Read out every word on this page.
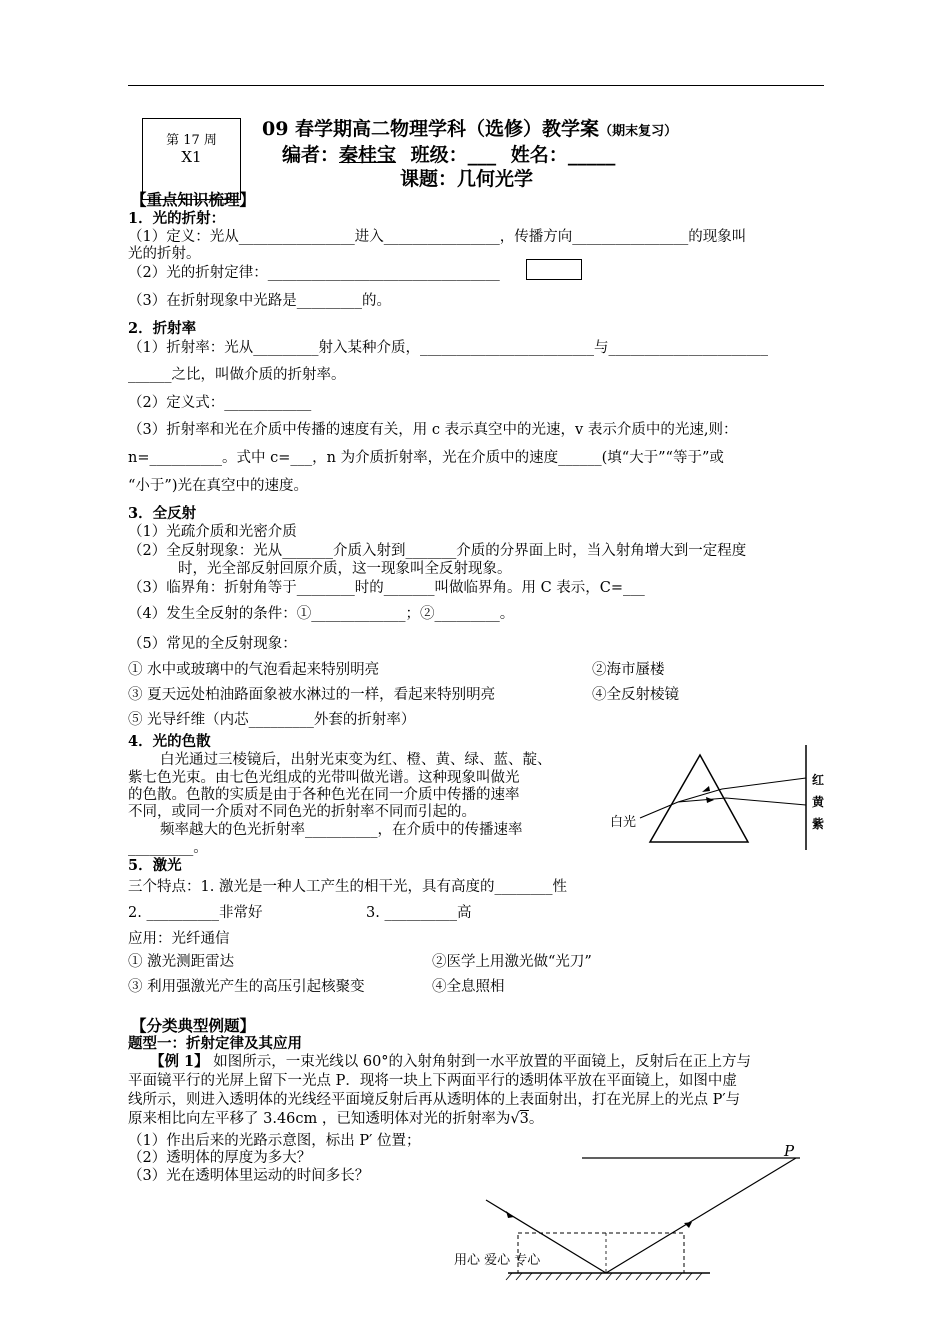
第 17 周
X1
09 春学期高二物理学科（选修）教学案（期末复习）
编者：秦桂宝 班级：___ 姓名：_____
课题：几何光学
【重点知识梳理】
1．光的折射：
（1）定义：光从________________进入________________，传播方向________________的现象叫
光的折射。
（2）光的折射定律：________________________________
（3）在折射现象中光路是_________的。
2．折射率
（1）折射率：光从_________射入某种介质，________________________与______________________
______之比，叫做介质的折射率。
（2）定义式：____________
（3）折射率和光在介质中传播的速度有关，用 c 表示真空中的光速，v 表示介质中的光速,则：
n=__________。式中 c=___，n 为介质折射率，光在介质中的速度______(填“大于”“等于”或
“小于”)光在真空中的速度。
3．全反射
（1）光疏介质和光密介质
（2）全反射现象：光从_______介质入射到_______介质的分界面上时，当入射角增大到一定程度
时，光全部反射回原介质，这一现象叫全反射现象。
（3）临界角：折射角等于________时的_______叫做临界角。用 C 表示，C=___
（4）发生全反射的条件：①_____________；②_________。
（5）常见的全反射现象：
① 水中或玻璃中的气泡看起来特别明亮	②海市蜃楼
③ 夏天远处柏油路面象被水淋过的一样，看起来特别明亮	④全反射棱镜
⑤ 光导纤维（内芯_________外套的折射率）
4．光的色散
白光通过三棱镜后，出射光束变为红、橙、黄、绿、蓝、靛、
紫七色光束。由七色光组成的光带叫做光谱。这种现象叫做光
的色散。色散的实质是由于各种色光在同一介质中传播的速率
不同，或同一介质对不同色光的折射率不同而引起的。
频率越大的色光折射率__________，在介质中的传播速率
_________。
白光
红
黄
紫
5．激光
三个特点：1. 激光是一种人工产生的相干光，具有高度的________性
2. __________非常好	3. __________高
应用：光纤通信
① 激光测距雷达	②医学上用激光做“光刀”
③ 利用强激光产生的高压引起核聚变	④全息照相
【分类典型例题】
题型一：折射定律及其应用
【例 1】 如图所示，一束光线以 60°的入射角射到一水平放置的平面镜上，反射后在正上方与
平面镜平行的光屏上留下一光点 P．现将一块上下两面平行的透明体平放在平面镜上，如图中虚
线所示，则进入透明体的光线经平面境反射后再从透明体的上表面射出，打在光屏上的光点 P′与
原来相比向左平移了 3.46cm ，已知透明体对光的折射率为√3。
（1）作出后来的光路示意图，标出 P′ 位置；
（2）透明体的厚度为多大？
（3）光在透明体里运动的时间多长？
P
用心 爱心 专心
